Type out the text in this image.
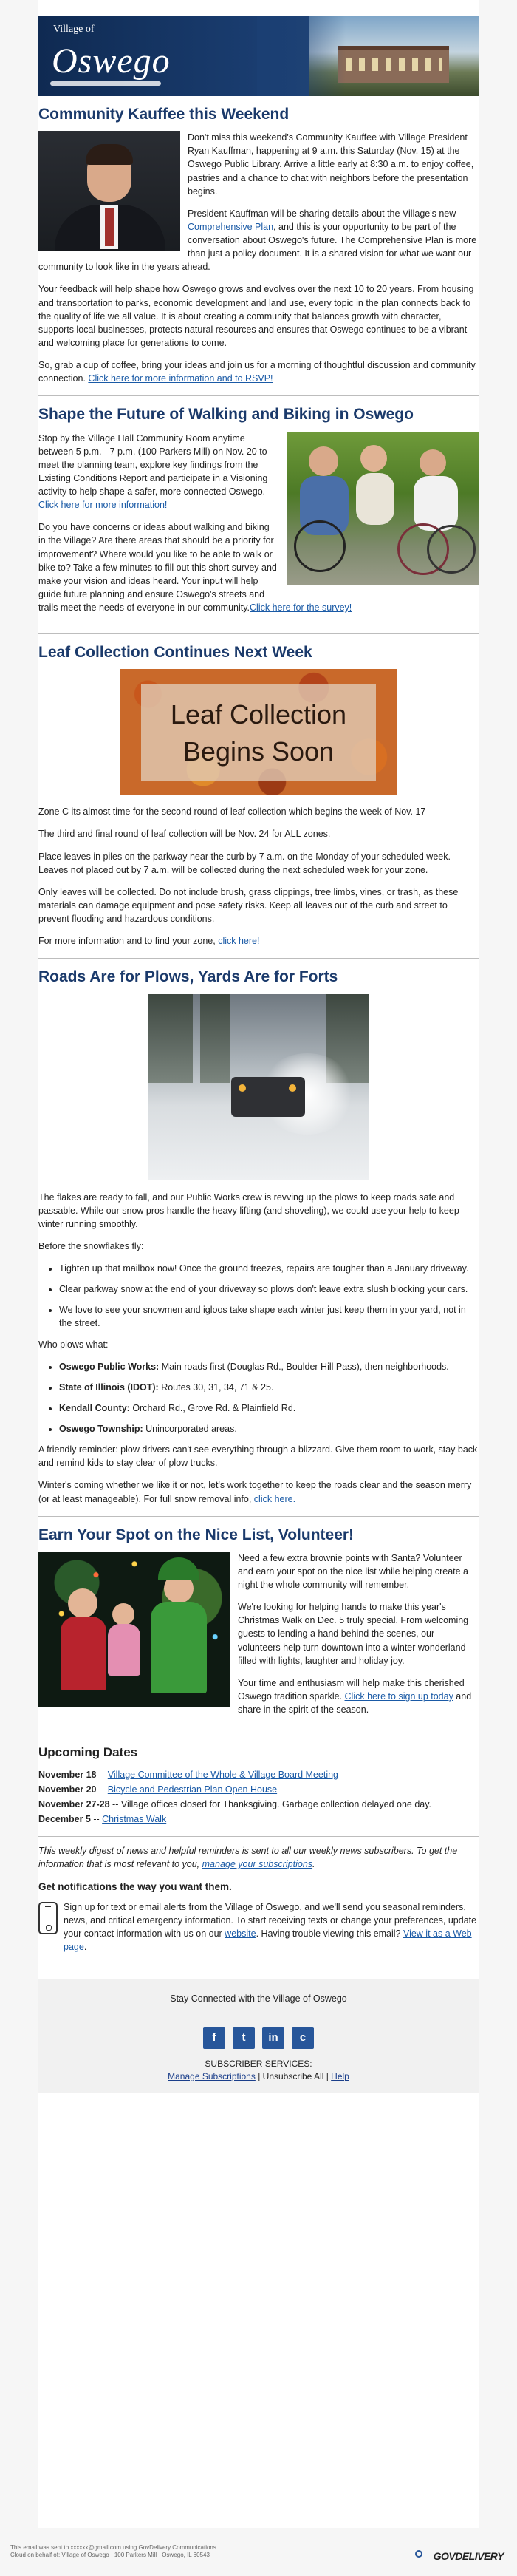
Village of
Oswego
Community Kauffee this Weekend

Don't miss this weekend's Community Kauffee with Village President Ryan Kauffman, happening at 9 a.m. this Saturday (Nov. 15) at the Oswego Public Library. Arrive a little early at 8:30 a.m. to enjoy coffee, pastries and a chance to chat with neighbors before the presentation begins.

President Kauffman will be sharing details about the Village's new Comprehensive Plan, and this is your opportunity to be part of the conversation about Oswego's future. The Comprehensive Plan is more than just a policy document. It is a shared vision for what we want our community to look like in the years ahead.

Your feedback will help shape how Oswego grows and evolves over the next 10 to 20 years. From housing and transportation to parks, economic development and land use, every topic in the plan connects back to the quality of life we all value. It is about creating a community that balances growth with character, supports local businesses, protects natural resources and ensures that Oswego continues to be a vibrant and welcoming place for generations to come.

So, grab a cup of coffee, bring your ideas and join us for a morning of thoughtful discussion and community connection. Click here for more information and to RSVP!

Shape the Future of Walking and Biking in Oswego

Stop by the Village Hall Community Room anytime between 5 p.m. - 7 p.m. (100 Parkers Mill) on Nov. 20 to meet the planning team, explore key findings from the Existing Conditions Report and participate in a Visioning activity to help shape a safer, more connected Oswego. Click here for more information!

Do you have concerns or ideas about walking and biking in the Village? Are there areas that should be a priority for improvement? Where would you like to be able to walk or bike to? Take a few minutes to fill out this short survey and make your vision and ideas heard. Your input will help guide future planning and ensure Oswego's streets and trails meet the needs of everyone in our community.Click here for the survey!

Leaf Collection Continues Next Week
Leaf Collection
Begins Soon

Zone C its almost time for the second round of leaf collection which begins the week of Nov. 17

The third and final round of leaf collection will be Nov. 24 for ALL zones.

Place leaves in piles on the parkway near the curb by 7 a.m. on the Monday of your scheduled week. Leaves not placed out by 7 a.m. will be collected during the next scheduled week for your zone.

Only leaves will be collected. Do not include brush, grass clippings, tree limbs, vines, or trash, as these materials can damage equipment and pose safety risks. Keep all leaves out of the curb and street to prevent flooding and hazardous conditions.

For more information and to find your zone, click here!

Roads Are for Plows, Yards Are for Forts

The flakes are ready to fall, and our Public Works crew is revving up the plows to keep roads safe and passable. While our snow pros handle the heavy lifting (and shoveling), we could use your help to keep winter running smoothly.

Before the snowflakes fly:

• Tighten up that mailbox now! Once the ground freezes, repairs are tougher than a January driveway.
• Clear parkway snow at the end of your driveway so plows don't leave extra slush blocking your cars.
• We love to see your snowmen and igloos take shape each winter just keep them in your yard, not in the street.

Who plows what:

• Oswego Public Works: Main roads first (Douglas Rd., Boulder Hill Pass), then neighborhoods.
• State of Illinois (IDOT): Routes 30, 31, 34, 71 & 25.
• Kendall County: Orchard Rd., Grove Rd. & Plainfield Rd.
• Oswego Township: Unincorporated areas.

A friendly reminder: plow drivers can't see everything through a blizzard. Give them room to work, stay back and remind kids to stay clear of plow trucks.

Winter's coming whether we like it or not, let's work together to keep the roads clear and the season merry (or at least manageable). For full snow removal info, click here.

Earn Your Spot on the Nice List, Volunteer!

Need a few extra brownie points with Santa? Volunteer and earn your spot on the nice list while helping create a night the whole community will remember.

We're looking for helping hands to make this year's Christmas Walk on Dec. 5 truly special. From welcoming guests to lending a hand behind the scenes, our volunteers help turn downtown into a winter wonderland filled with lights, laughter and holiday joy.

Your time and enthusiasm will help make this cherished Oswego tradition sparkle. Click here to sign up today and share in the spirit of the season.

Upcoming Dates

November 18 -- Village Committee of the Whole & Village Board Meeting

November 20 -- Bicycle and Pedestrian Plan Open House

November 27-28 -- Village offices closed for Thanksgiving. Garbage collection delayed one day.

December 5 -- Christmas Walk

This weekly digest of news and helpful reminders is sent to all our weekly news subscribers. To get the information that is most relevant to you, manage your subscriptions.

Get notifications the way you want them.

Sign up for text or email alerts from the Village of Oswego, and we'll send you seasonal reminders, news, and critical emergency information. To start receiving texts or change your preferences, update your contact information with us on our website. Having trouble viewing this email? View it as a Web page.

Stay Connected with the Village of Oswego
f	t	in	c
SUBSCRIBER SERVICES:
Manage Subscriptions | Unsubscribe All | Help
This email was sent to xxxxxx@gmail.com using GovDelivery Communications Cloud on behalf of: Village of Oswego · 100 Parkers Mill · Oswego, IL 60543	GOVDELIVERY
